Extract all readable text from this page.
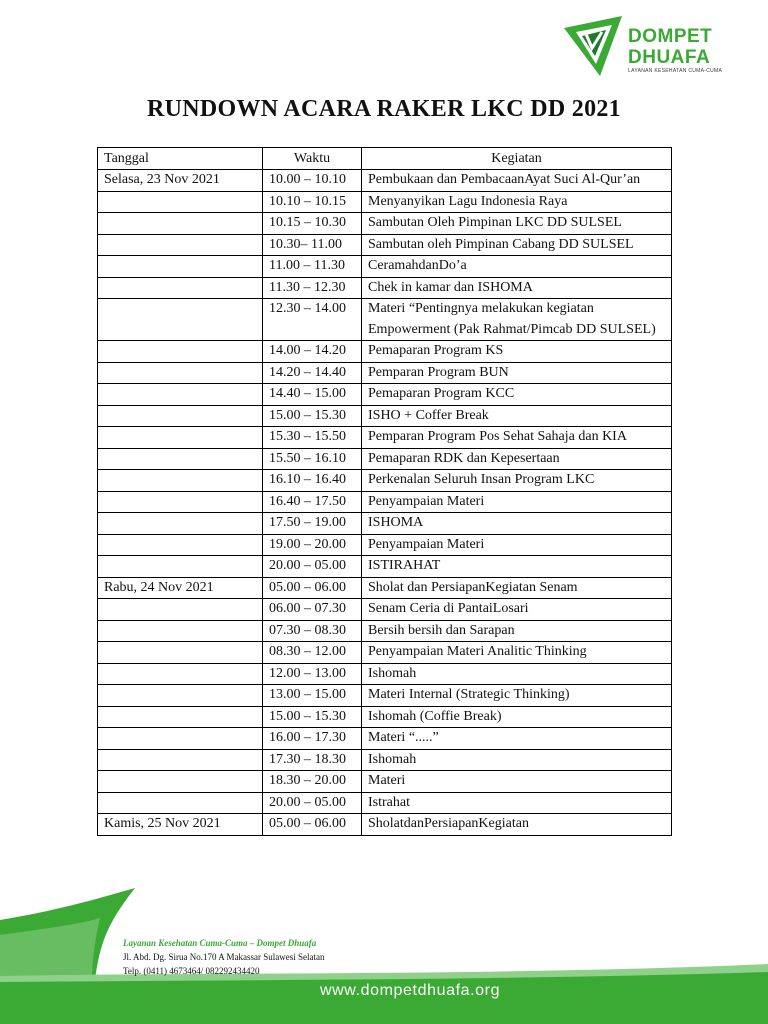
DOMPET
DHUAFA
LAYANAN KESEHATAN CUMA-CUMA
RUNDOWN ACARA RAKER LKC DD 2021
Tanggal	Waktu	Kegiatan
Selasa, 23 Nov 2021	10.00 – 10.10	Pembukaan dan PembacaanAyat Suci Al-Qur’an
	10.10 – 10.15	Menyanyikan Lagu Indonesia Raya
	10.15 – 10.30	Sambutan Oleh Pimpinan LKC DD SULSEL
	10.30– 11.00	Sambutan oleh Pimpinan Cabang DD SULSEL
	11.00 – 11.30	CeramahdanDo’a
	11.30 – 12.30	Chek in kamar dan ISHOMA
	12.30 – 14.00	Materi “Pentingnya melakukan kegiatan Empowerment (Pak Rahmat/Pimcab DD SULSEL)
	14.00 – 14.20	Pemaparan Program KS
	14.20 – 14.40	Pemparan Program BUN
	14.40 – 15.00	Pemaparan Program KCC
	15.00 – 15.30	ISHO + Coffer Break
	15.30 – 15.50	Pemparan Program Pos Sehat Sahaja dan KIA
	15.50 – 16.10	Pemaparan RDK dan Kepesertaan
	16.10 – 16.40	Perkenalan Seluruh Insan Program LKC
	16.40 – 17.50	Penyampaian Materi
	17.50 – 19.00	ISHOMA
	19.00 – 20.00	Penyampaian Materi
	20.00 – 05.00	ISTIRAHAT
Rabu, 24 Nov 2021	05.00 – 06.00	Sholat dan PersiapanKegiatan Senam
	06.00 – 07.30	Senam Ceria di PantaiLosari
	07.30 – 08.30	Bersih bersih dan Sarapan
	08.30 – 12.00	Penyampaian Materi Analitic Thinking
	12.00 – 13.00	Ishomah
	13.00 – 15.00	Materi Internal (Strategic Thinking)
	15.00 – 15.30	Ishomah (Coffie Break)
	16.00 – 17.30	Materi “.....”
	17.30 – 18.30	Ishomah
	18.30 – 20.00	Materi
	20.00 – 05.00	Istrahat
Kamis, 25 Nov 2021	05.00 – 06.00	SholatdanPersiapanKegiatan
Layanan Kesehatan Cuma-Cuma – Dompet Dhuafa
Jl. Abd. Dg. Sirua No.170 A Makassar Sulawesi Selatan
Telp. (0411) 4673464/ 082292434420
www.dompetdhuafa.org
